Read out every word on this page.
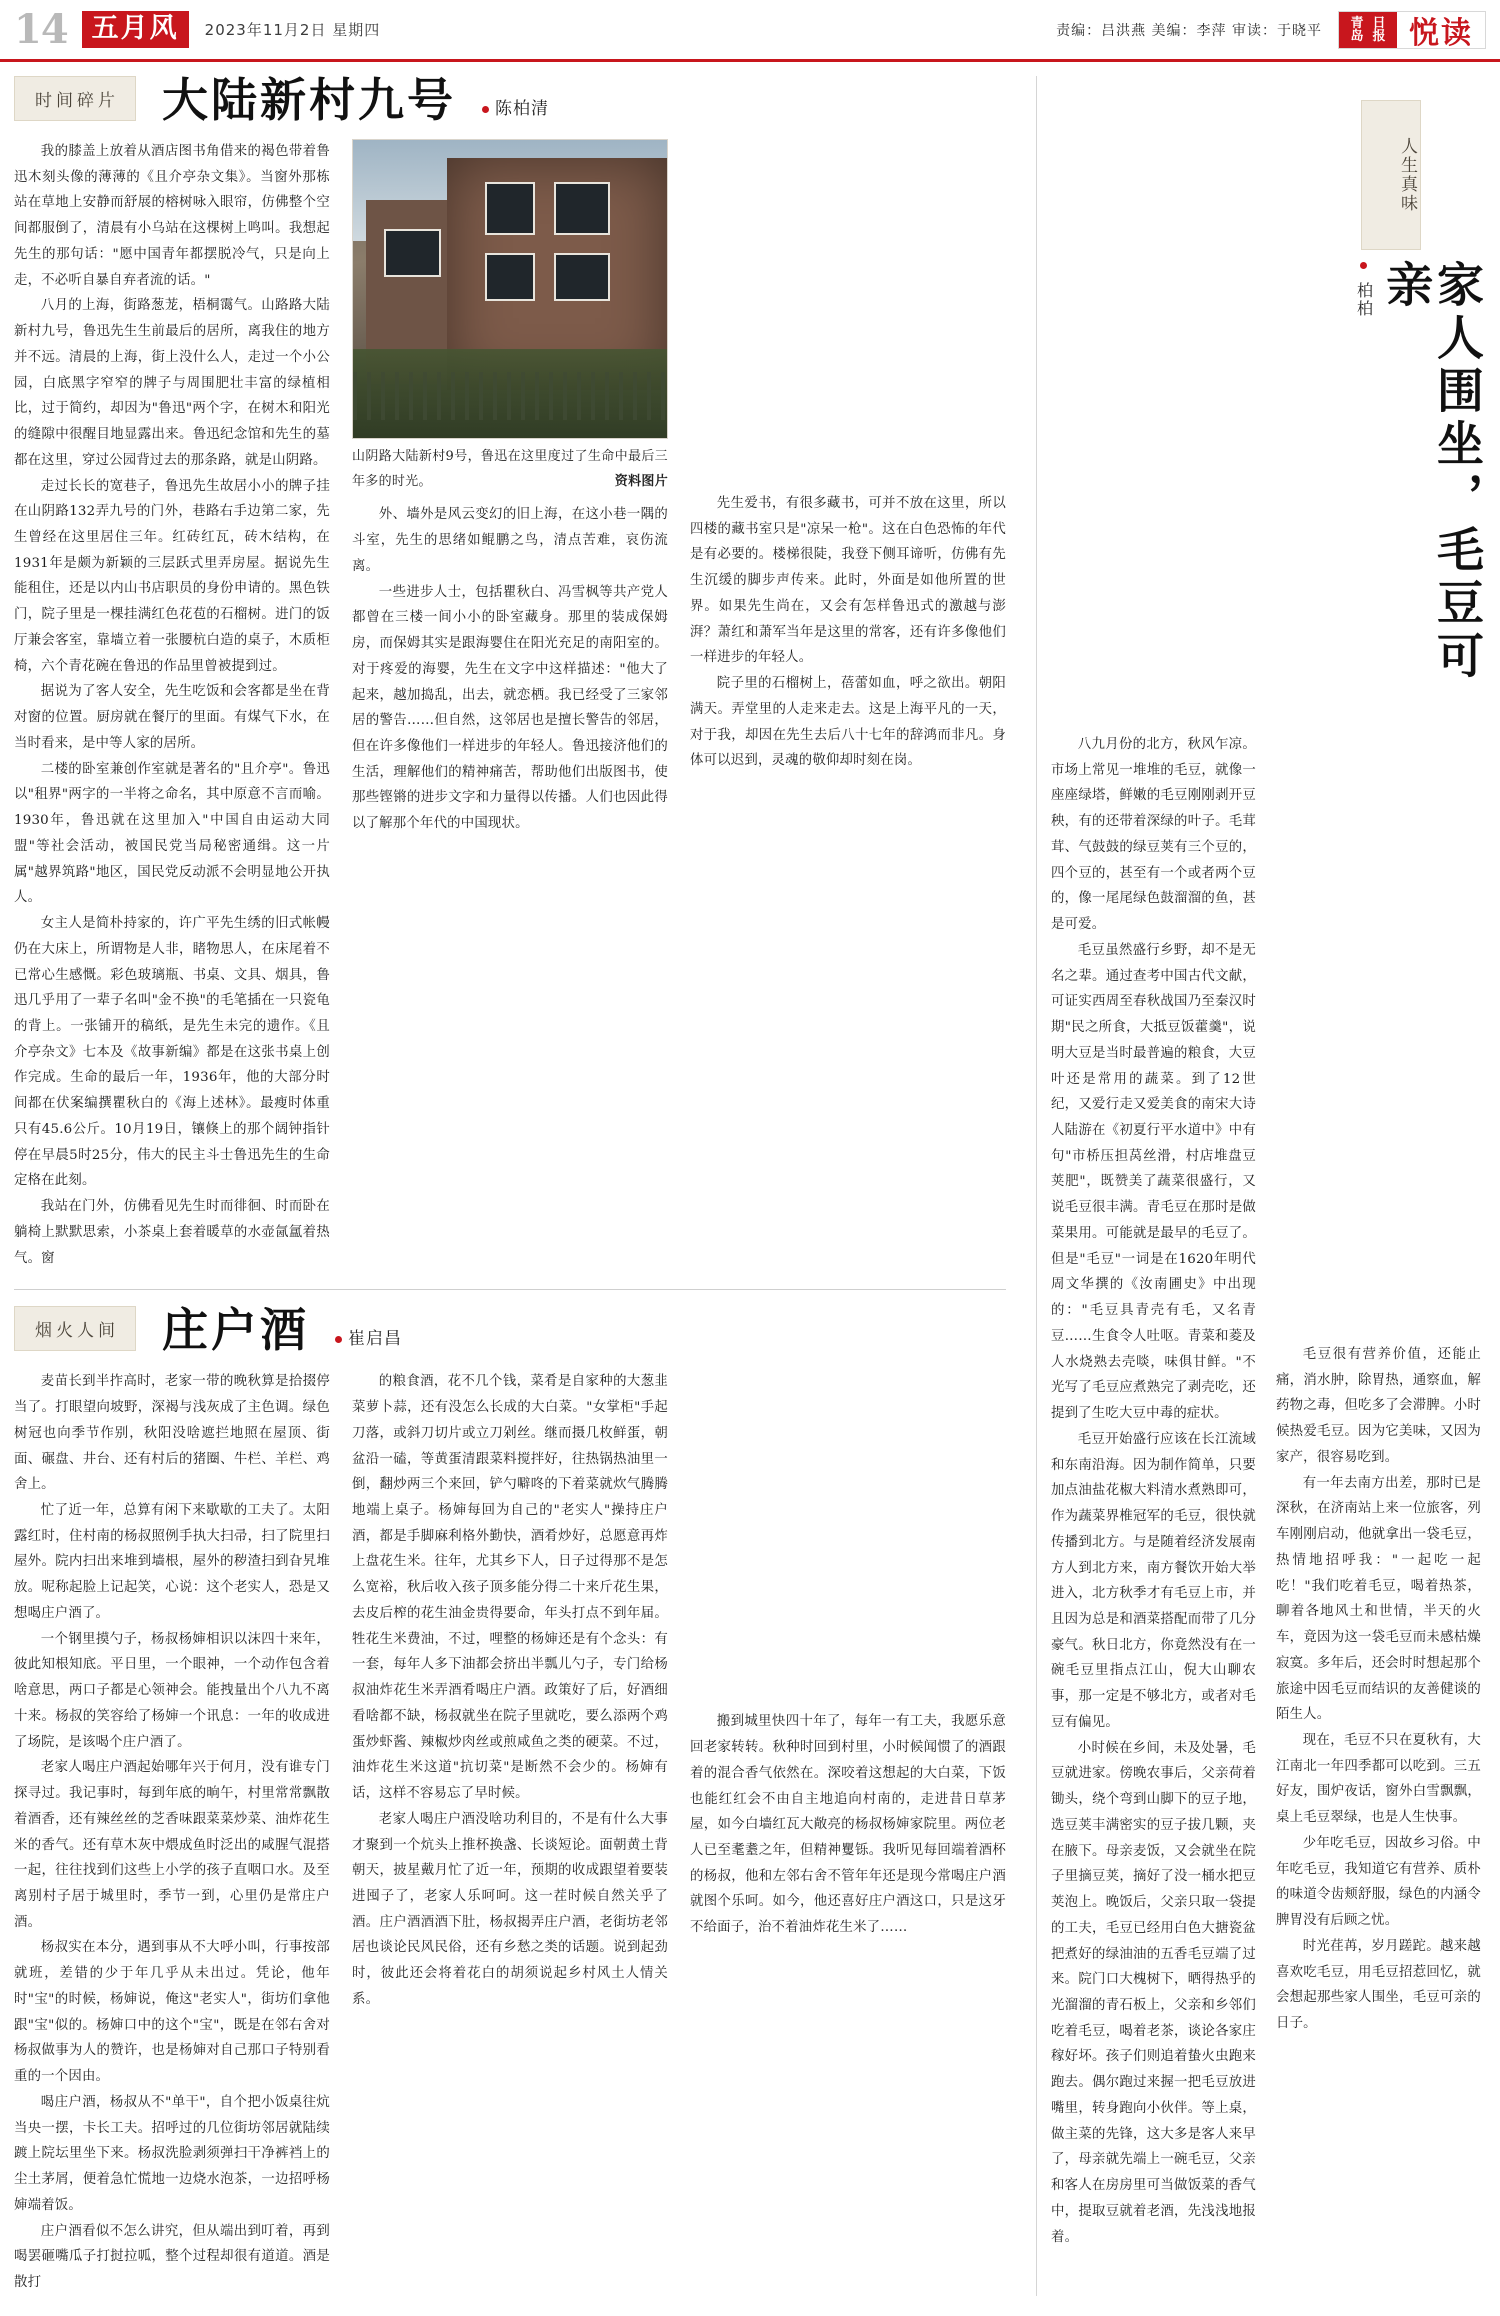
14 五月风	2023年11月2日 星期四	责编：吕洪燕 美编：李萍 审读：于晓平	青岛
日报 悦读
时间碎片 大陆新村九号	陈柏清

我的膝盖上放着从酒店图书角借来的褐色带着鲁迅木刻头像的薄薄的《且介亭杂文集》。当窗外那栋站在草地上安静而舒展的榕树咏入眼帘，仿佛整个空间都服倒了，清晨有小乌站在这棵树上鸣叫。我想起先生的那句话："愿中国青年都摆脱冷气，只是向上走，不必听自暴自弃者流的话。"

八月的上海，街路葱茏，梧桐霭气。山路路大陆新村九号，鲁迅先生生前最后的居所，离我住的地方并不远。清晨的上海，街上没什么人，走过一个小公园，白底黑字窄窄的牌子与周围肥壮丰富的绿植相比，过于简约，却因为"鲁迅"两个字，在树木和阳光的缝隙中很醒目地显露出来。鲁迅纪念馆和先生的墓都在这里，穿过公园背过去的那条路，就是山阴路。

走过长长的宽巷子，鲁迅先生故居小小的牌子挂在山阴路132弄九号的门外，巷路右手边第二家，先生曾经在这里居住三年。红砖红瓦，砖木结构，在1931年是颇为新颖的三层跃式里弄房屋。据说先生能租住，还是以内山书店职员的身份申请的。黑色铁门，院子里是一棵挂满红色花苞的石榴树。进门的饭厅兼会客室，靠墙立着一张腰杭白造的桌子，木质柜椅，六个青花碗在鲁迅的作品里曾被提到过。

据说为了客人安全，先生吃饭和会客都是坐在背对窗的位置。厨房就在餐厅的里面。有煤气下水，在当时看来，是中等人家的居所。

二楼的卧室兼创作室就是著名的"且介亭"。鲁迅以"租界"两字的一半将之命名，其中原意不言而喻。1930年，鲁迅就在这里加入"中国自由运动大同盟"等社会活动，被国民党当局秘密通缉。这一片属"越界筑路"地区，国民党反动派不会明显地公开执人。

女主人是简朴持家的，许广平先生绣的旧式帐幔仍在大床上，所谓物是人非，睹物思人，在床尾着不已常心生感慨。彩色玻璃瓶、书桌、文具、烟具，鲁迅几乎用了一辈子名叫"金不换"的毛笔插在一只瓷龟的背上。一张铺开的稿纸，是先生未完的遗作。《且介亭杂文》七本及《故事新编》都是在这张书桌上创作完成。生命的最后一年，1936年，他的大部分时间都在伏案编撰瞿秋白的《海上述林》。最瘦时体重只有45.6公斤。10月19日，镶倏上的那个阔钟指针停在早晨5时25分，伟大的民主斗士鲁迅先生的生命定格在此刻。

我站在门外，仿佛看见先生时而徘徊、时而卧在躺椅上默默思索，小茶桌上套着暖草的水壶氤氲着热气。窗

山阴路大陆新村9号，鲁迅在这里度过了生命中最后三年多的时光。	资料图片

外、墙外是风云变幻的旧上海，在这小巷一隅的斗室，先生的思绪如鲲鹏之鸟，清点苦难，哀伤流离。

一些进步人士，包括瞿秋白、冯雪枫等共产党人都曾在三楼一间小小的卧室藏身。那里的装成保姆房，而保姆其实是跟海婴住在阳光充足的南阳室的。对于疼爱的海婴，先生在文字中这样描述："他大了起来，越加捣乱，出去，就恋栖。我已经受了三家邻居的警告……但自然，这邻居也是擅长警告的邻居，但在许多像他们一样进步的年轻人。鲁迅接济他们的生活，理解他们的精神痛苦，帮助他们出版图书，使那些铿锵的进步文字和力量得以传播。人们也因此得以了解那个年代的中国现状。

先生爱书，有很多藏书，可并不放在这里，所以四楼的藏书室只是"凉呆一枪"。这在白色恐怖的年代是有必要的。楼梯很陡，我登下侧耳谛听，仿佛有先生沉缓的脚步声传来。此时，外面是如他所置的世界。如果先生尚在，又会有怎样鲁迅式的激越与澎湃？萧红和萧军当年是这里的常客，还有许多像他们一样进步的年轻人。

院子里的石榴树上，蓓蕾如血，呼之欲出。朝阳满天。弄堂里的人走来走去。这是上海平凡的一天，对于我，却因在先生去后八十七年的辞鸿而非凡。身体可以迟到，灵魂的敬仰却时刻在岗。

烟火人间 庄户酒	崔启昌

麦苗长到半拃高时，老家一带的晚秋算是拾掇停当了。打眼望向坡野，深褐与浅灰成了主色调。绿色树冠也向季节作别，秋阳没啥遮拦地照在屋顶、街面、碾盘、井台、还有村后的猪圈、牛栏、羊栏、鸡舍上。

忙了近一年，总算有闲下来歇歇的工夫了。太阳露红时，住村南的杨叔照例手执大扫帚，扫了院里扫屋外。院内扫出来堆到墙根，屋外的秽渣扫到旮旯堆放。呢称起脸上记起笑，心说：这个老实人，恐是又想喝庄户酒了。

一个钢里摸勺子，杨叔杨婶相识以沫四十来年，彼此知根知底。平日里，一个眼神，一个动作包含着啥意思，两口子都是心领神会。能拽量出个八九不离十来。杨叔的笑容给了杨婶一个讯息：一年的收成进了场院，是该喝个庄户酒了。

老家人喝庄户酒起始哪年兴于何月，没有谁专门探寻过。我记事时，每到年底的晌午，村里常常飘散着酒香，还有辣丝丝的芝香味跟菜菜炒菜、油炸花生米的香气。还有草木灰中煨成鱼时泛出的咸腥气混搭一起，往往找到们这些上小学的孩子直咽口水。及至离别村子居于城里时，季节一到，心里仍是常庄户酒。

杨叔实在本分，遇到事从不大呼小叫，行事按部就班，差错的少于年几乎从未出过。凭论，他年时"宝"的时候，杨婶说，俺这"老实人"，街坊们拿他跟"宝"似的。杨婶口中的这个"宝"，既是在邻右舍对杨叔做事为人的赞许，也是杨婶对自己那口子特别看重的一个因由。

喝庄户酒，杨叔从不"单干"，自个把小饭桌往炕当央一摆，卡长工夫。招呼过的几位街坊邻居就陆续踱上院坛里坐下来。杨叔洗脸剥须弹扫干净裤裆上的尘土茅屑，便着急忙慌地一边烧水泡茶，一边招呼杨婶端着饭。

庄户酒看似不怎么讲究，但从端出到叮着，再到喝罢砸嘴瓜子打挝拉呱，整个过程却很有道道。酒是散打

的粮食酒，花不几个钱，菜肴是自家种的大葱韭菜萝卜蒜，还有没怎么长成的大白菜。"女掌柜"手起刀落，或斜刀切片或立刀剁丝。继而摄几枚鲜蛋，朝盆沿一磕，等黄蛋清跟菜料搅拌好，往热锅热油里一倒，翻炒两三个来回，铲勺噼咚的下着菜就炊气腾腾地端上桌子。杨婶每回为自己的"老实人"操持庄户酒，都是手脚麻利格外勤快，酒肴炒好，总愿意再炸上盘花生米。往年，尤其乡下人，日子过得那不是怎么宽裕，秋后收入孩子顶多能分得二十来斤花生果，去皮后榨的花生油金贵得要命，年头打点不到年届。牲花生米费油，不过，哩整的杨婶还是有个念头：有一套，每年人多下油都会挤出半瓢儿勺子，专门给杨叔油炸花生米弄酒肴喝庄户酒。政策好了后，好酒细看啥都不缺，杨叔就坐在院子里就吃，要么添两个鸡蛋炒虾酱、辣椒炒肉丝或煎咸鱼之类的硬菜。不过，油炸花生米这道"抗切菜"是断然不会少的。杨婶有话，这样不容易忘了早时候。

老家人喝庄户酒没啥功利目的，不是有什么大事才聚到一个炕头上推杯换盏、长谈短论。面朝黄土背朝天，披星戴月忙了近一年，预期的收成跟望着要装进囤子了，老家人乐呵呵。这一茬时候自然关乎了酒。庄户酒酒酒下肚，杨叔揭弄庄户酒，老街坊老邻居也谈论民风民俗，还有乡愁之类的话题。说到起劲时，彼此还会将着花白的胡须说起乡村风土人情关系。

搬到城里快四十年了，每年一有工夫，我愿乐意回老家转转。秋种时回到村里，小时候闻惯了的酒跟着的混合香气依然在。深咬着这想起的大白菜，下饭也能红红会不由自主地追向村南的，走进昔日草茅屋，如今白墙红瓦大敞亮的杨叔杨婶家院里。两位老人已至耄耋之年，但精神矍铄。我听见每回端着酒杯的杨叔，他和左邻右舍不管年年还是现今常喝庄户酒就图个乐呵。如今，他还喜好庄户酒这口，只是这牙不给面子，治不着油炸花生米了……

人生真味
柏柏	家人围坐，毛豆可亲

八九月份的北方，秋风乍凉。市场上常见一堆堆的毛豆，就像一座座绿塔，鲜嫩的毛豆刚刚剥开豆秧，有的还带着深绿的叶子。毛茸茸、气鼓鼓的绿豆荚有三个豆的，四个豆的，甚至有一个或者两个豆的，像一尾尾绿色鼓溜溜的鱼，甚是可爱。

毛豆虽然盛行乡野，却不是无名之辈。通过查考中国古代文献，可证实西周至春秋战国乃至秦汉时期"民之所食，大抵豆饭藿羹"，说明大豆是当时最普遍的粮食，大豆叶还是常用的蔬菜。到了12世纪，又爱行走又爱美食的南宋大诗人陆游在《初夏行平水道中》中有句"市桥压担莴丝滑，村店堆盘豆荚肥"，既赞美了蔬菜很盛行，又说毛豆很丰满。青毛豆在那时是做菜果用。可能就是最早的毛豆了。但是"毛豆"一词是在1620年明代周文华撰的《汝南圃史》中出现的："毛豆具青壳有毛，又名青豆……生食令人吐呕。青菜和菱及人水烧熟去壳啖，味俱甘鲜。"不光写了毛豆应煮熟完了剥壳吃，还提到了生吃大豆中毒的症状。

毛豆开始盛行应该在长江流域和东南沿海。因为制作简单，只要加点油盐花椒大料清水煮熟即可，作为蔬菜界椎冠军的毛豆，很快就传播到北方。与是随着经济发展南方人到北方来，南方餐饮开始大举进入，北方秋季才有毛豆上市，并且因为总是和酒菜搭配而带了几分豪气。秋日北方，你竟然没有在一碗毛豆里指点江山，倪大山聊农事，那一定是不够北方，或者对毛豆有偏见。

小时候在乡间，未及处暑，毛豆就进家。傍晚农事后，父亲荷着锄头，绕个弯到山脚下的豆子地，选豆荚丰满密实的豆子拔几颗，夹在腋下。母亲麦饭，又会就坐在院子里摘豆荚，摘好了没一桶水把豆荚泡上。晚饭后，父亲只取一袋提的工夫，毛豆已经用白色大搪瓷盆把煮好的绿油油的五香毛豆端了过来。院门口大槐树下，晒得热乎的光溜溜的青石板上，父亲和乡邻们吃着毛豆，喝着老茶，谈论各家庄稼好坏。孩子们则追着蛰火虫跑来跑去。偶尔跑过来握一把毛豆放进嘴里，转身跑向小伙伴。等上桌，做主菜的先锋，这大多是客人来早了，母亲就先端上一碗毛豆，父亲和客人在房房里可当做饭菜的香气中，提取豆就着老酒，先浅浅地报着。

毛豆很有营养价值，还能止痛，消水肿，除胃热，通察血，解药物之毒，但吃多了会滞脾。小时候热爱毛豆。因为它美味，又因为家产，很容易吃到。

有一年去南方出差，那时已是深秋，在济南站上来一位旅客，列车刚刚启动，他就拿出一袋毛豆，热情地招呼我："一起吃一起吃！"我们吃着毛豆，喝着热茶，聊着各地风土和世情，半天的火车，竟因为这一袋毛豆而未感枯燥寂寞。多年后，还会时时想起那个旅途中因毛豆而结识的友善健谈的陌生人。

现在，毛豆不只在夏秋有，大江南北一年四季都可以吃到。三五好友，围炉夜话，窗外白雪飘飘，桌上毛豆翠绿，也是人生快事。

少年吃毛豆，因故乡习俗。中年吃毛豆，我知道它有营养、质朴的味道令齿颊舒服，绿色的内涵令脾胃没有后顾之忧。

时光荏苒，岁月蹉跎。越来越喜欢吃毛豆，用毛豆招惹回忆，就会想起那些家人围坐，毛豆可亲的日子。
